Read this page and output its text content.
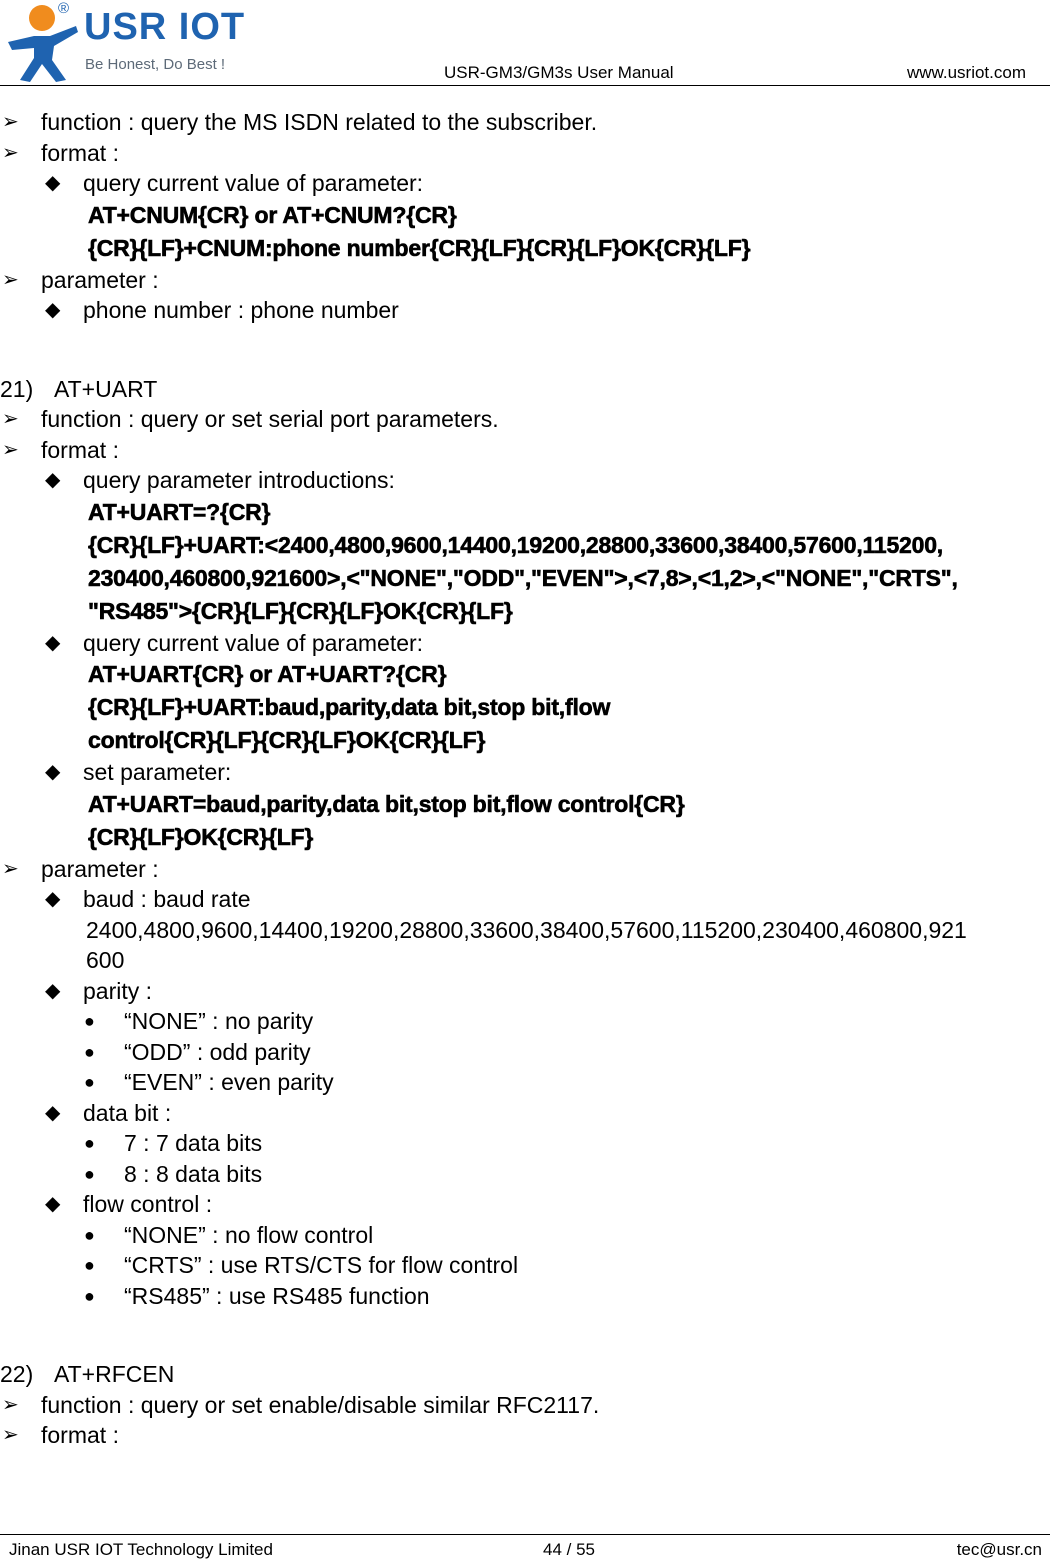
® USR IOT
Be Honest, Do Best !	USR-GM3/GM3s User Manual	www.usriot.com
➢ function : query the MS ISDN related to the subscriber.
➢ format :
◆ query current value of parameter:
AT+CNUM{CR} or AT+CNUM?{CR}
{CR}{LF}+CNUM:phone number{CR}{LF}{CR}{LF}OK{CR}{LF}
➢ parameter :
◆ phone number : phone number
21) AT+UART
➢ function : query or set serial port parameters.
➢ format :
◆ query parameter introductions:
AT+UART=?{CR}
{CR}{LF}+UART:<2400,4800,9600,14400,19200,28800,33600,38400,57600,115200,
230400,460800,921600>,<"NONE","ODD","EVEN">,<7,8>,<1,2>,<"NONE","CRTS",
"RS485">{CR}{LF}{CR}{LF}OK{CR}{LF}
◆ query current value of parameter:
AT+UART{CR} or AT+UART?{CR}
{CR}{LF}+UART:baud,parity,data bit,stop bit,flow
control{CR}{LF}{CR}{LF}OK{CR}{LF}
◆ set parameter:
AT+UART=baud,parity,data bit,stop bit,flow control{CR}
{CR}{LF}OK{CR}{LF}
➢ parameter :
◆ baud : baud rate
2400,4800,9600,14400,19200,28800,33600,38400,57600,115200,230400,460800,921
600
◆ parity :
● “NONE” : no parity
● “ODD” : odd parity
● “EVEN” : even parity
◆ data bit :
● 7 : 7 data bits
● 8 : 8 data bits
◆ flow control :
● “NONE” : no flow control
● “CRTS” : use RTS/CTS for flow control
● “RS485” : use RS485 function
22) AT+RFCEN
➢ function : query or set enable/disable similar RFC2117.
➢ format :
Jinan USR IOT Technology Limited	44 / 55	tec@usr.cn
